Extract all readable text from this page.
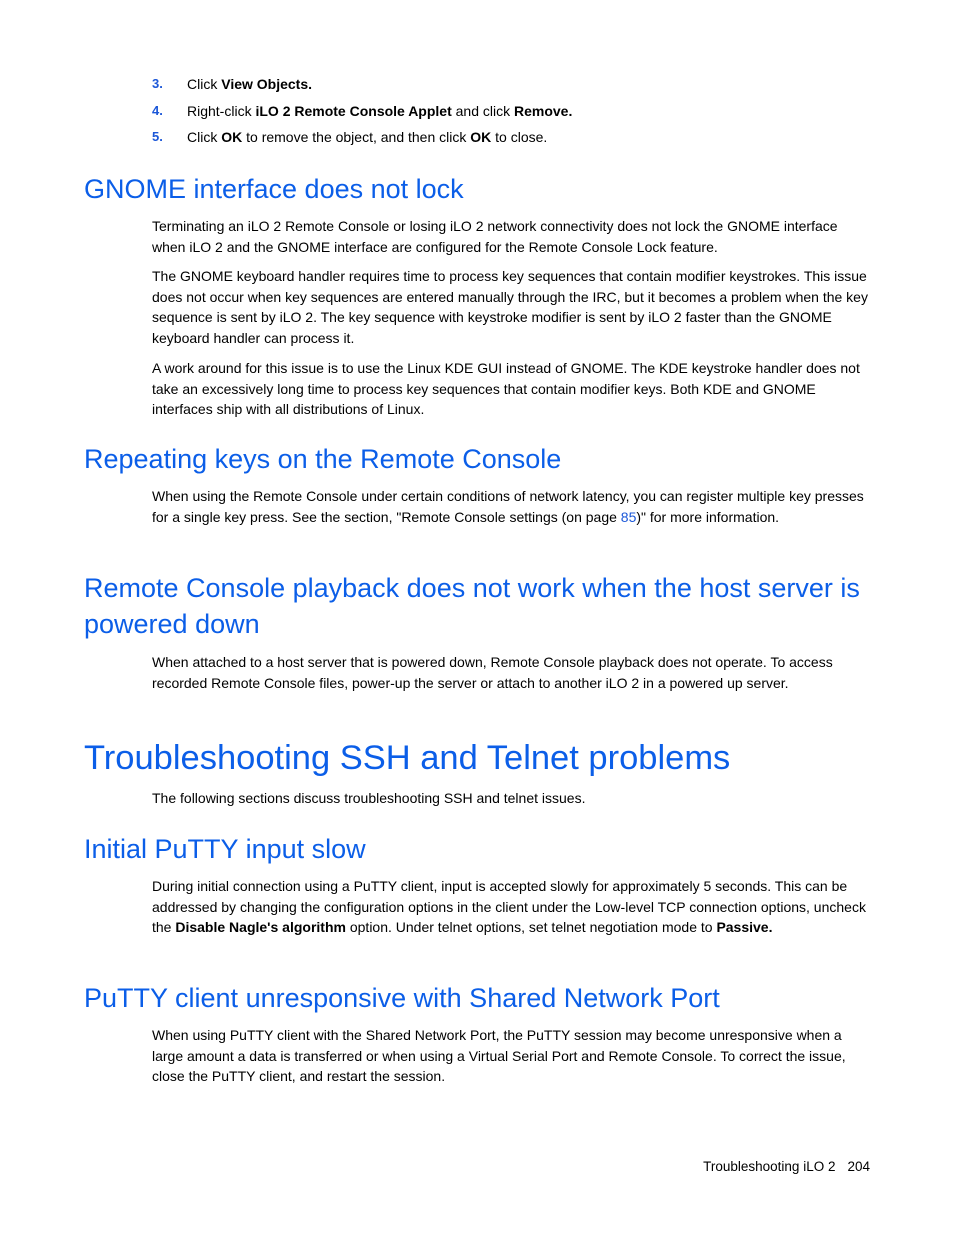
3. Click View Objects.
4. Right-click iLO 2 Remote Console Applet and click Remove.
5. Click OK to remove the object, and then click OK to close.
GNOME interface does not lock

Terminating an iLO 2 Remote Console or losing iLO 2 network connectivity does not lock the GNOME interface when iLO 2 and the GNOME interface are configured for the Remote Console Lock feature.

The GNOME keyboard handler requires time to process key sequences that contain modifier keystrokes. This issue does not occur when key sequences are entered manually through the IRC, but it becomes a problem when the key sequence is sent by iLO 2. The key sequence with keystroke modifier is sent by iLO 2 faster than the GNOME keyboard handler can process it.

A work around for this issue is to use the Linux KDE GUI instead of GNOME. The KDE keystroke handler does not take an excessively long time to process key sequences that contain modifier keys. Both KDE and GNOME interfaces ship with all distributions of Linux.

Repeating keys on the Remote Console

When using the Remote Console under certain conditions of network latency, you can register multiple key presses for a single key press. See the section, "Remote Console settings (on page 85)" for more information.

Remote Console playback does not work when the host server is powered down

When attached to a host server that is powered down, Remote Console playback does not operate. To access recorded Remote Console files, power-up the server or attach to another iLO 2 in a powered up server.

Troubleshooting SSH and Telnet problems

The following sections discuss troubleshooting SSH and telnet issues.

Initial PuTTY input slow

During initial connection using a PuTTY client, input is accepted slowly for approximately 5 seconds. This can be addressed by changing the configuration options in the client under the Low-level TCP connection options, uncheck the Disable Nagle's algorithm option. Under telnet options, set telnet negotiation mode to Passive.

PuTTY client unresponsive with Shared Network Port

When using PuTTY client with the Shared Network Port, the PuTTY session may become unresponsive when a large amount a data is transferred or when using a Virtual Serial Port and Remote Console. To correct the issue, close the PuTTY client, and restart the session.

Troubleshooting iLO 2 204
